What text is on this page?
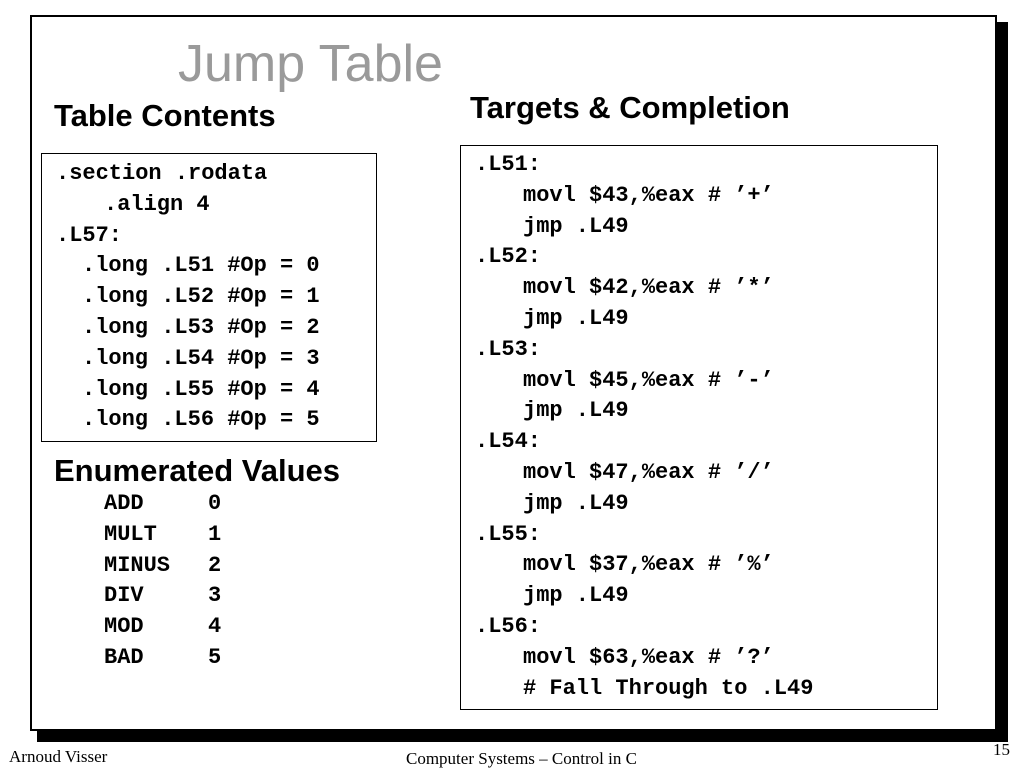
Jump Table
Table Contents	Targets & Completion
.section .rodata
.align 4
.L57:
.long .L51 #Op = 0
.long .L52 #Op = 1
.long .L53 #Op = 2
.long .L54 #Op = 3
.long .L55 #Op = 4
.long .L56 #Op = 5
.L51:
movl $43,%eax # ’+’
jmp .L49
.L52:
movl $42,%eax # ’*’
jmp .L49
.L53:
movl $45,%eax # ’-’
jmp .L49
.L54:
movl $47,%eax # ’/’
jmp .L49
.L55:
movl $37,%eax # ’%’
jmp .L49
.L56:
movl $63,%eax # ’?’
# Fall Through to .L49
Enumerated Values
ADD	0
MULT	1
MINUS	2
DIV	3
MOD	4
BAD	5
Arnoud Visser	Computer Systems – Control in C	15
